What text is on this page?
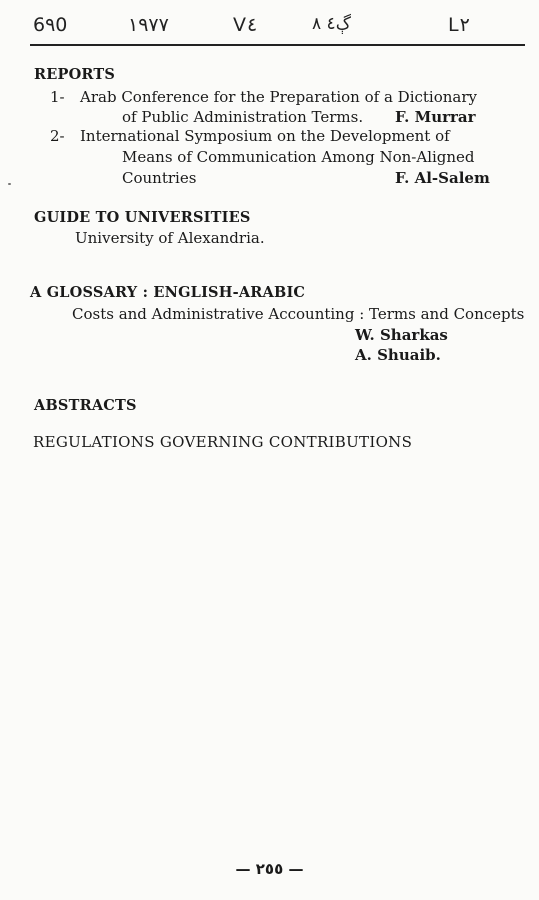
6٩0	١٩٧٧	V٤	ڳ٤ ٨	L٢
REPORTS
1- Arab Conference for the Preparation of a Dictionary
of Public Administration Terms. F. Murrar
2- International Symposium on the Development of
Means of Communication Among Non-Aligned
Countries	F. Al-Salem
GUIDE TO UNIVERSITIES
University of Alexandria.
A GLOSSARY : ENGLISH-ARABIC
Costs and Administrative Accounting : Terms and Concepts
W. Sharkas
A. Shuaib.
ABSTRACTS
REGULATIONS GOVERNING CONTRIBUTIONS
— ٢٥٥ —
